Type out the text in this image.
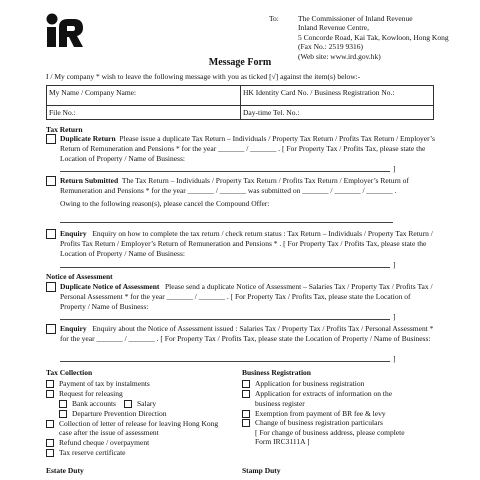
To:	The Commissioner of Inland Revenue
Inland Revenue Centre,
5 Concorde Road, Kai Tak, Kowloon, Hong Kong (Fax No.: 2519 9316)
(Web site: www.ird.gov.hk)
Message Form
I / My company * wish to leave the following message with you as ticked [√] against the item(s) below:-
My Name / Company Name:	HK Identity Card No. / Business Registration No.:
File No.:	Day-time Tel. No.:
Tax Return
Duplicate Return Please issue a duplicate Tax Return – Individuals / Property Tax Return / Profits Tax Return / Employer’s Return of Remuneration and Pensions * for the year _______ / _______ . [ For Property Tax / Profits Tax, please state the Location of Property / Name of Business:
]
Return Submitted The Tax Return – Individuals / Property Tax Return / Profits Tax Return / Employer’s Return of Remuneration and Pensions * for the year _______ / _______ was submitted on _______ / _______ / _______ .
Owing to the following reason(s), please cancel the Compound Offer:
Enquiry Enquiry on how to complete the tax return / check return status : Tax Return – Individuals / Property Tax Return / Profits Tax Return / Employer’s Return of Remuneration and Pensions * . [ For Property Tax / Profits Tax, please state the Location of Property / Name of Business:
]
Notice of Assessment
Duplicate Notice of Assessment Please send a duplicate Notice of Assessment – Salaries Tax / Property Tax / Profits Tax / Personal Assessment * for the year _______ / _______ . [ For Property Tax / Profits Tax, please state the Location of Property / Name of Business:
]
Enquiry Enquiry about the Notice of Assessment issued : Salaries Tax / Property Tax / Profits Tax / Personal Assessment * for the year _______ / _______ . [ For Property Tax / Profits Tax, please state the Location of Property / Name of Business:
]
Tax Collection
Payment of tax by instalments
Request for releasing
Bank accounts	Salary
Departure Prevention Direction
Collection of letter of release for leaving Hong Kong
case after the issue of assessment
Refund cheque / overpayment
Tax reserve certificate
Business Registration
Application for business registration
Application for extracts of information on the
business register
Exemption from payment of BR fee & levy
Change of business registration particulars
[ For change of business address, please complete
Form IRC3111A ]
Estate Duty	Stamp Duty
